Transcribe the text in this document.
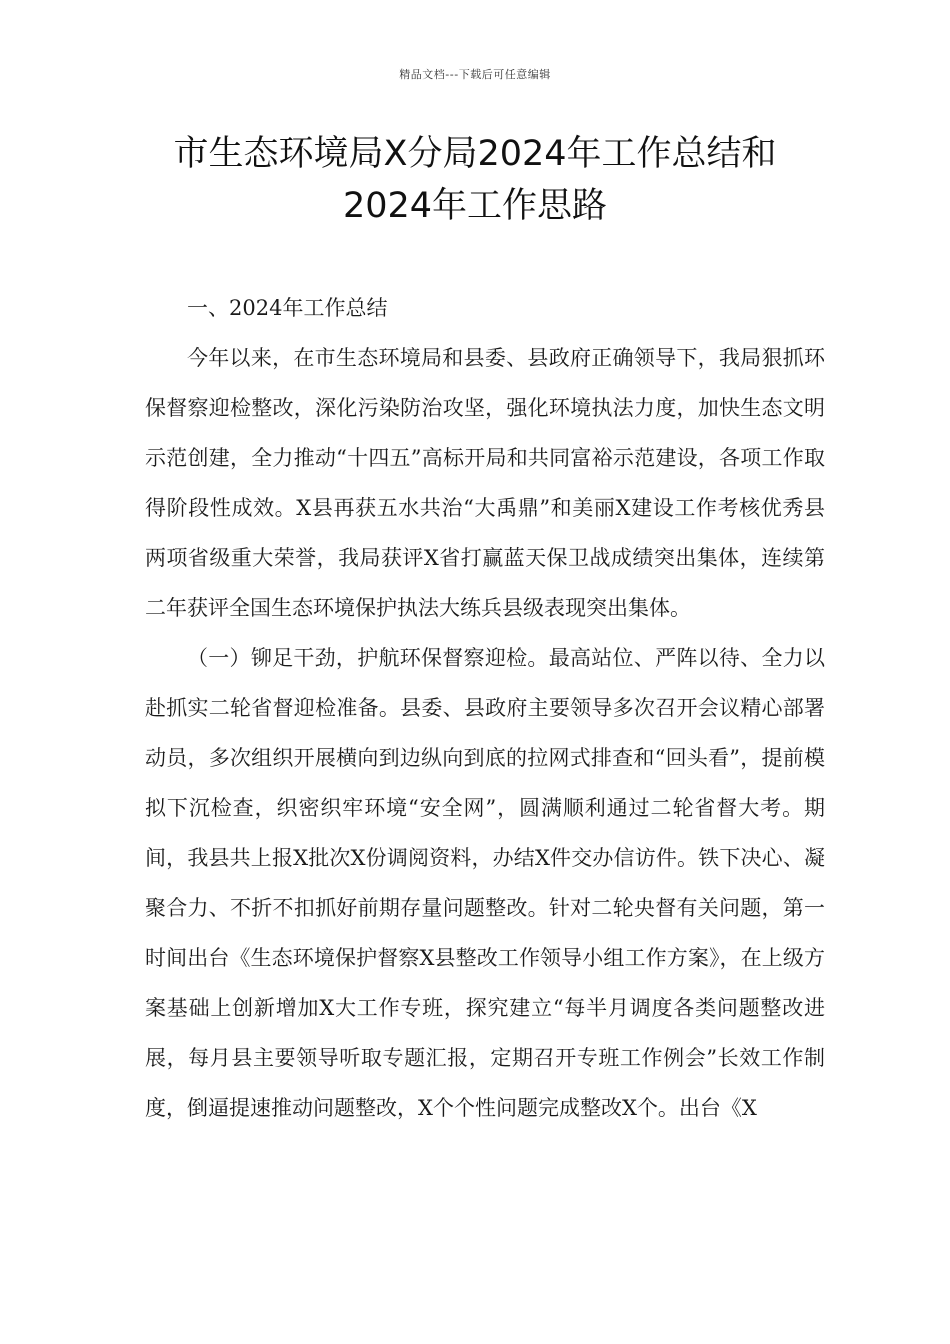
精品文档---下载后可任意编辑
市生态环境局X分局2024年工作总结和
2024年工作思路

一、2024年工作总结

今年以来，在市生态环境局和县委、县政府正确领导下，我局狠抓环保督察迎检整改，深化污染防治攻坚，强化环境执法力度，加快生态文明示范创建，全力推动“十四五”高标开局和共同富裕示范建设，各项工作取得阶段性成效。X县再获五水共治“大禹鼎”和美丽X建设工作考核优秀县两项省级重大荣誉，我局获评X省打赢蓝天保卫战成绩突出集体，连续第二年获评全国生态环境保护执法大练兵县级表现突出集体。

（一）铆足干劲，护航环保督察迎检。最高站位、严阵以待、全力以赴抓实二轮省督迎检准备。县委、县政府主要领导多次召开会议精心部署动员，多次组织开展横向到边纵向到底的拉网式排查和“回头看”，提前模拟下沉检查，织密织牢环境“安全网”，圆满顺利通过二轮省督大考。期间，我县共上报X批次X份调阅资料，办结X件交办信访件。铁下决心、凝聚合力、不折不扣抓好前期存量问题整改。针对二轮央督有关问题，第一时间出台《生态环境保护督察X县整改工作领导小组工作方案》，在上级方案基础上创新增加X大工作专班，探究建立“每半月调度各类问题整改进展，每月县主要领导听取专题汇报，定期召开专班工作例会”长效工作制度，倒逼提速推动问题整改，X个个性问题完成整改X个。出台《X
